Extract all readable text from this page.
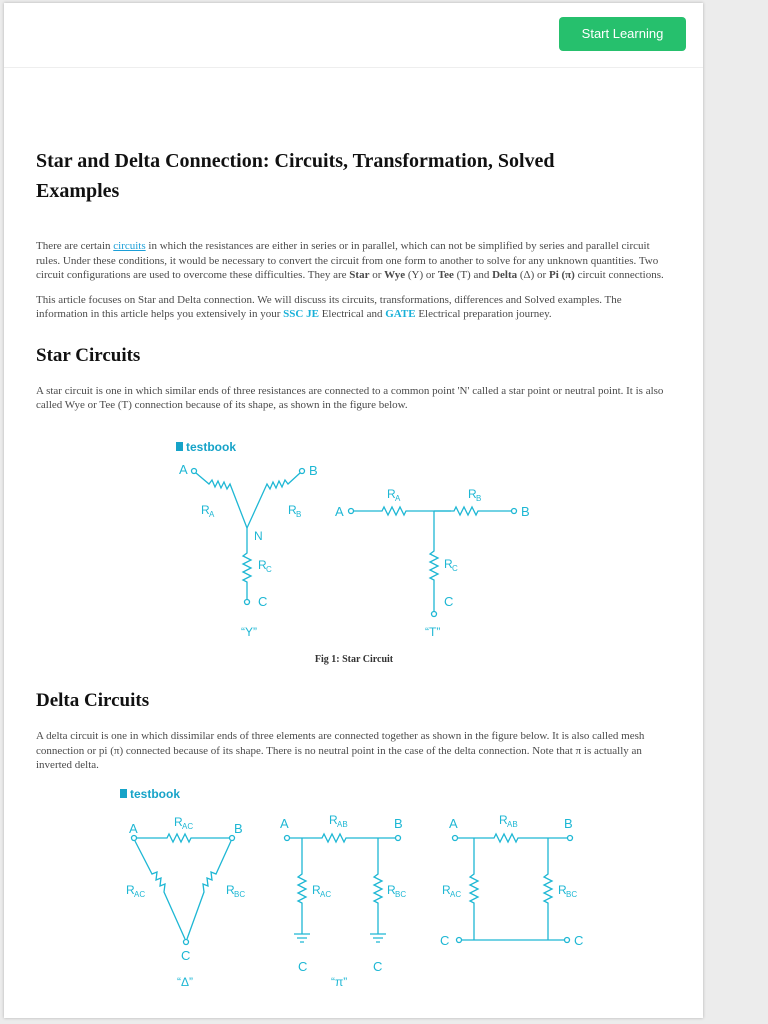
Start Learning
Star and Delta Connection: Circuits, Transformation, Solved Examples

There are certain circuits in which the resistances are either in series or in parallel, which can not be simplified by series and parallel circuit rules. Under these conditions, it would be necessary to convert the circuit from one form to another to solve for any unknown quantities. Two circuit configurations are used to overcome these difficulties. They are Star or Wye (Y) or Tee (T) and Delta (Δ) or Pi (π) circuit connections.

This article focuses on Star and Delta connection. We will discuss its circuits, transformations, differences and Solved examples. The information in this article helps you extensively in your SSC JE Electrical and GATE Electrical preparation journey.

Star Circuits

A star circuit is one in which similar ends of three resistances are connected to a common point 'N' called a star point or neutral point. It is also called Wye or Tee (T) connection because of its shape, as shown in the figure below.

testbook
A
R A
B
R B
N
R C
C
“Y”
A
R A	R B
B
R C
C
“T”
Fig 1: Star Circuit
Delta Circuits

A delta circuit is one in which dissimilar ends of three elements are connected together as shown in the figure below. It is also called mesh connection or pi (π) connected because of its shape. There is no neutral point in the case of the delta connection. Note that π is actually an inverted delta.

testbook
A	B
R AC
C
R AC	R BC
“Δ”
A	B
R AB
R AC	R BC
C	C
“π”
A	B
R AB
R AC	R BC
C	C
